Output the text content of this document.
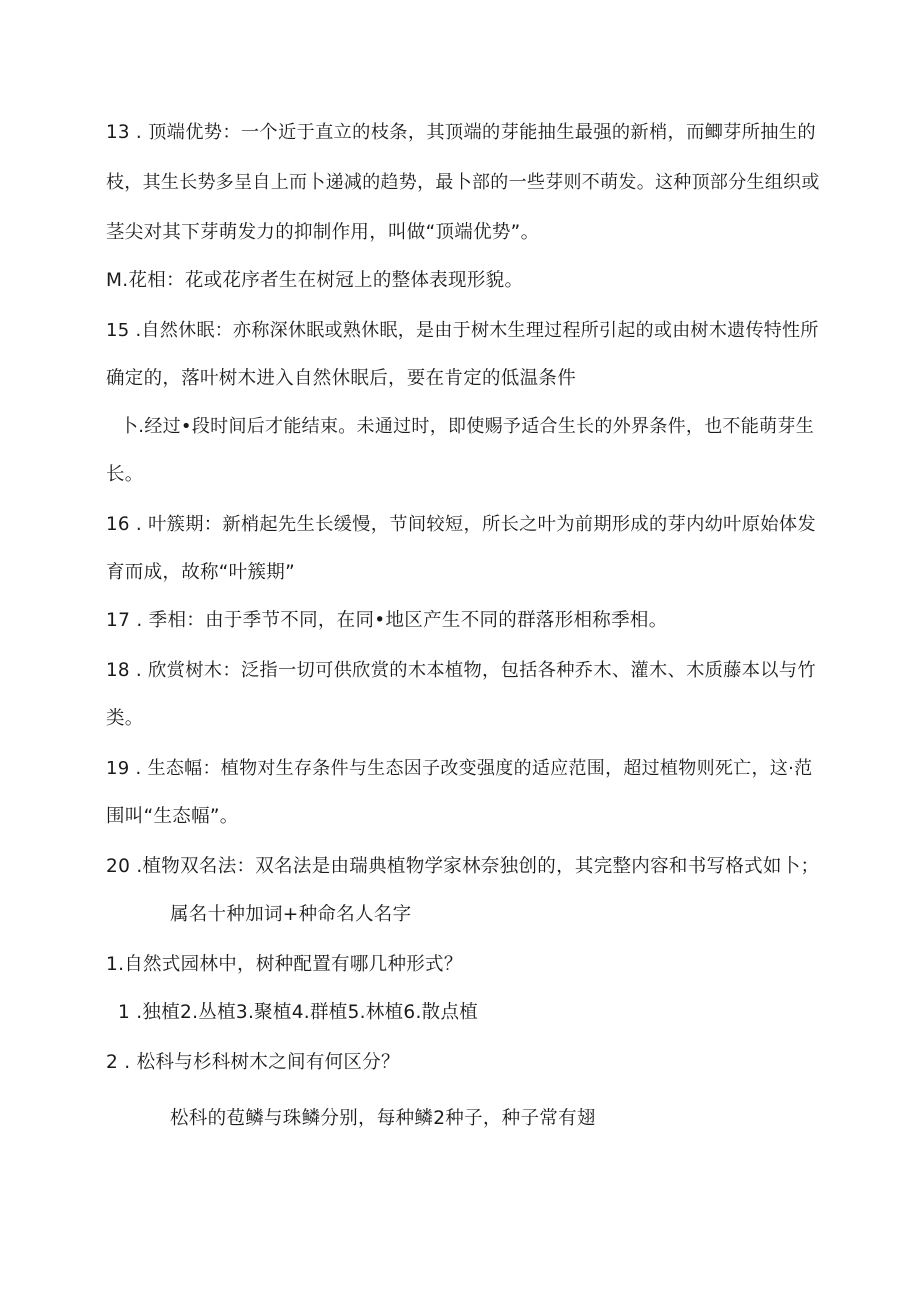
13 . 顶端优势：一个近于直立的枝条，其顶端的芽能抽生最强的新梢，而鲫芽所抽生的
枝，其生长势多呈自上而卜递减的趋势，最卜部的一些芽则不萌发。这种顶部分生组织或
茎尖对其下芽萌发力的抑制作用，叫做“顶端优势”。
M.花相：花或花序者生在树冠上的整体表现形貌。
15 .自然休眠：亦称深休眠或熟休眠，是由于树木生理过程所引起的或由树木遗传特性所
确定的，落叶树木进入自然休眠后，要在肯定的低温条件
卜.经过•段时间后才能结束。未通过时，即使赐予适合生长的外界条件，也不能萌芽生
长。
16 . 叶簇期：新梢起先生长缓慢，节间较短，所长之叶为前期形成的芽内幼叶原始体发
育而成，故称“叶簇期”
17 . 季相：由于季节不同，在同•地区产生不同的群落形相称季相。
18 . 欣赏树木：泛指一切可供欣赏的木本植物，包括各种乔木、灌木、木质藤本以与竹
类。
19 . 生态幅：植物对生存条件与生态因子改变强度的适应范围，超过植物则死亡，这·范
围叫“生态幅”。
20 .植物双名法：双名法是由瑞典植物学家林奈独创的，其完整内容和书写格式如卜；
属名十种加词+种命名人名字
1.自然式园林中，树种配置有哪几种形式？
1 .独植2.丛植3.聚植4.群植5.林植6.散点植
2 . 松科与杉科树木之间有何区分？
松科的苞鳞与珠鳞分别，每种鳞2种子，种子常有翅
